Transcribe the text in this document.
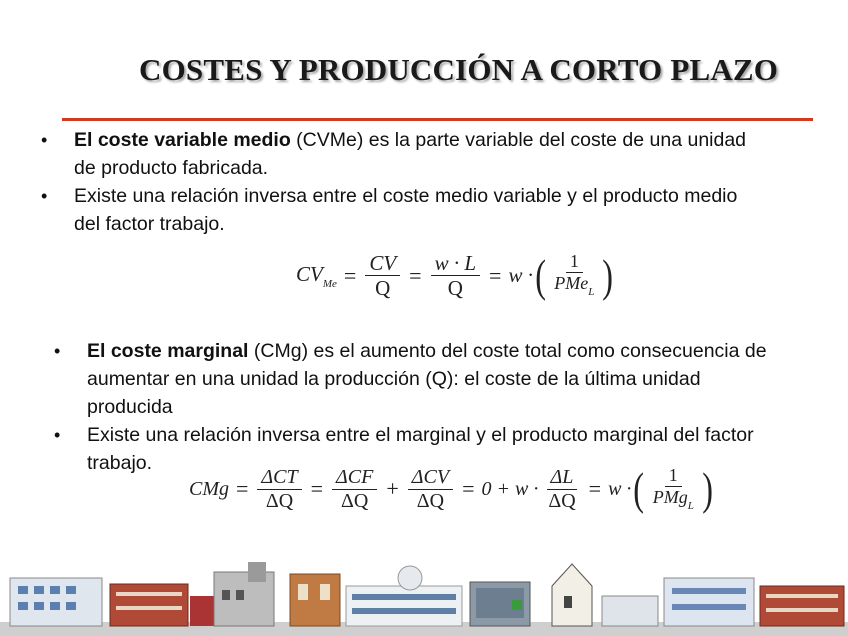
COSTES Y PRODUCCIÓN A CORTO PLAZO
• El coste variable medio (CVMe) es la parte variable del coste de una unidad
de producto fabricada.
• Existe una relación inversa entre el coste medio variable y el producto medio
del factor trabajo.
• El coste marginal (CMg) es el aumento del coste total como consecuencia de
aumentar en una unidad la producción (Q): el coste de la última unidad
producida
• Existe una relación inversa entre el marginal y el producto marginal del factor
trabajo.
$CV_{Me} = \frac{CV}{Q} = \frac{w \cdot L}{Q} = w$ · ( $\frac{1}{PMe_L}$ )
CMg = $\frac{\text{ΔCT}}{\Delta Q} = \frac{\text{ΔCF}}{\Delta Q} + \frac{\text{ΔCV}}{\Delta Q} = 0 + w \cdot \frac{\Delta L}{\Delta Q} = w$ · ( $\frac{1}{PMg_L}$ )
